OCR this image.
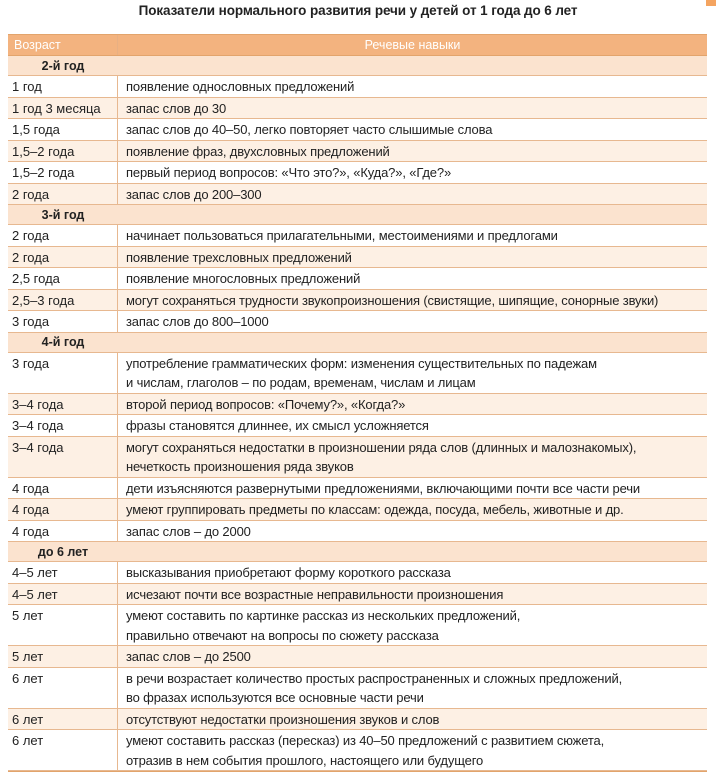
Показатели нормального развития речи у детей от 1 года до 6 лет
Возраст	Речевые навыки
2-й год
1 год	появление однословных предложений
1 год 3 месяца	запас слов до 30
1,5 года	запас слов до 40–50, легко повторяет часто слышимые слова
1,5–2 года	появление фраз, двухсловных предложений
1,5–2 года	первый период вопросов: «Что это?», «Куда?», «Где?»
2 года	запас слов до 200–300
3-й год
2 года	начинает пользоваться прилагательными, местоимениями и предлогами
2 года	появление трехсловных предложений
2,5 года	появление многословных предложений
2,5–3 года	могут сохраняться трудности звукопроизношения (свистящие, шипящие, сонорные звуки)
3 года	запас слов до 800–1000
4-й год
3 года	употребление грамматических форм: изменения существительных по падежам
и числам, глаголов – по родам, временам, числам и лицам
3–4 года	второй период вопросов: «Почему?», «Когда?»
3–4 года	фразы становятся длиннее, их смысл усложняется
3–4 года	могут сохраняться недостатки в произношении ряда слов (длинных и малознакомых),
нечеткость произношения ряда звуков
4 года	дети изъясняются развернутыми предложениями, включающими почти все части речи
4 года	умеют группировать предметы по классам: одежда, посуда, мебель, животные и др.
4 года	запас слов – до 2000
до 6 лет
4–5 лет	высказывания приобретают форму короткого рассказа
4–5 лет	исчезают почти все возрастные неправильности произношения
5 лет	умеют составить по картинке рассказ из нескольких предложений,
правильно отвечают на вопросы по сюжету рассказа
5 лет	запас слов – до 2500
6 лет	в речи возрастает количество простых распространенных и сложных предложений,
во фразах используются все основные части речи
6 лет	отсутствуют недостатки произношения звуков и слов
6 лет	умеют составить рассказ (пересказ) из 40–50 предложений с развитием сюжета,
отразив в нем события прошлого, настоящего или будущего
